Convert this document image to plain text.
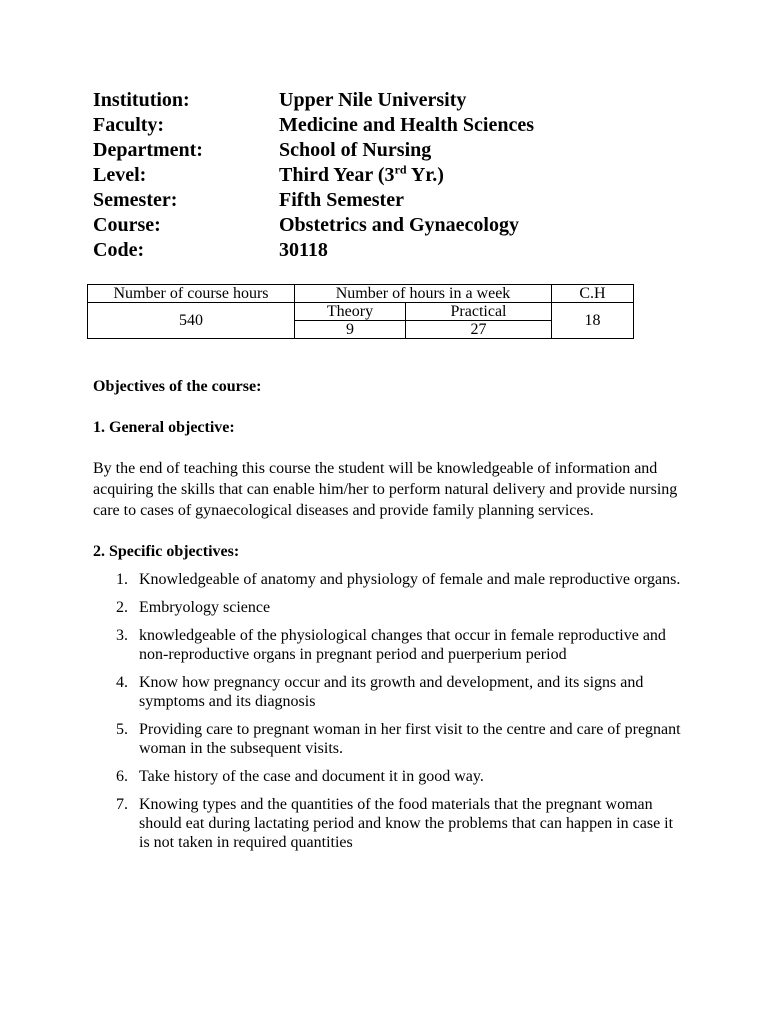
Institution:	Upper Nile University
Faculty:	Medicine and Health Sciences
Department:	School of Nursing
Level:	Third Year (3rd Yr.)
Semester:	Fifth Semester
Course:	Obstetrics and Gynaecology
Code:	30118
Number of course hours	Number of hours in a week		C.H
540	Theory	Practical	18
	9	27	

Objectives of the course:

1. General objective:

By the end of teaching this course the student will be knowledgeable of information and acquiring the skills that can enable him/her to perform natural delivery and provide nursing care to cases of gynaecological diseases and provide family planning services.

2. Specific objectives:

1. Knowledgeable of anatomy and physiology of female and male reproductive organs.
2. Embryology science
3. knowledgeable of the physiological changes that occur in female reproductive and non-reproductive organs in pregnant period and puerperium period
4. Know how pregnancy occur and its growth and development, and its signs and symptoms and its diagnosis
5. Providing care to pregnant woman in her first visit to the centre and care of pregnant woman in the subsequent visits.
6. Take history of the case and document it in good way.
7. Knowing types and the quantities of the food materials that the pregnant woman should eat during lactating period and know the problems that can happen in case it is not taken in required quantities
